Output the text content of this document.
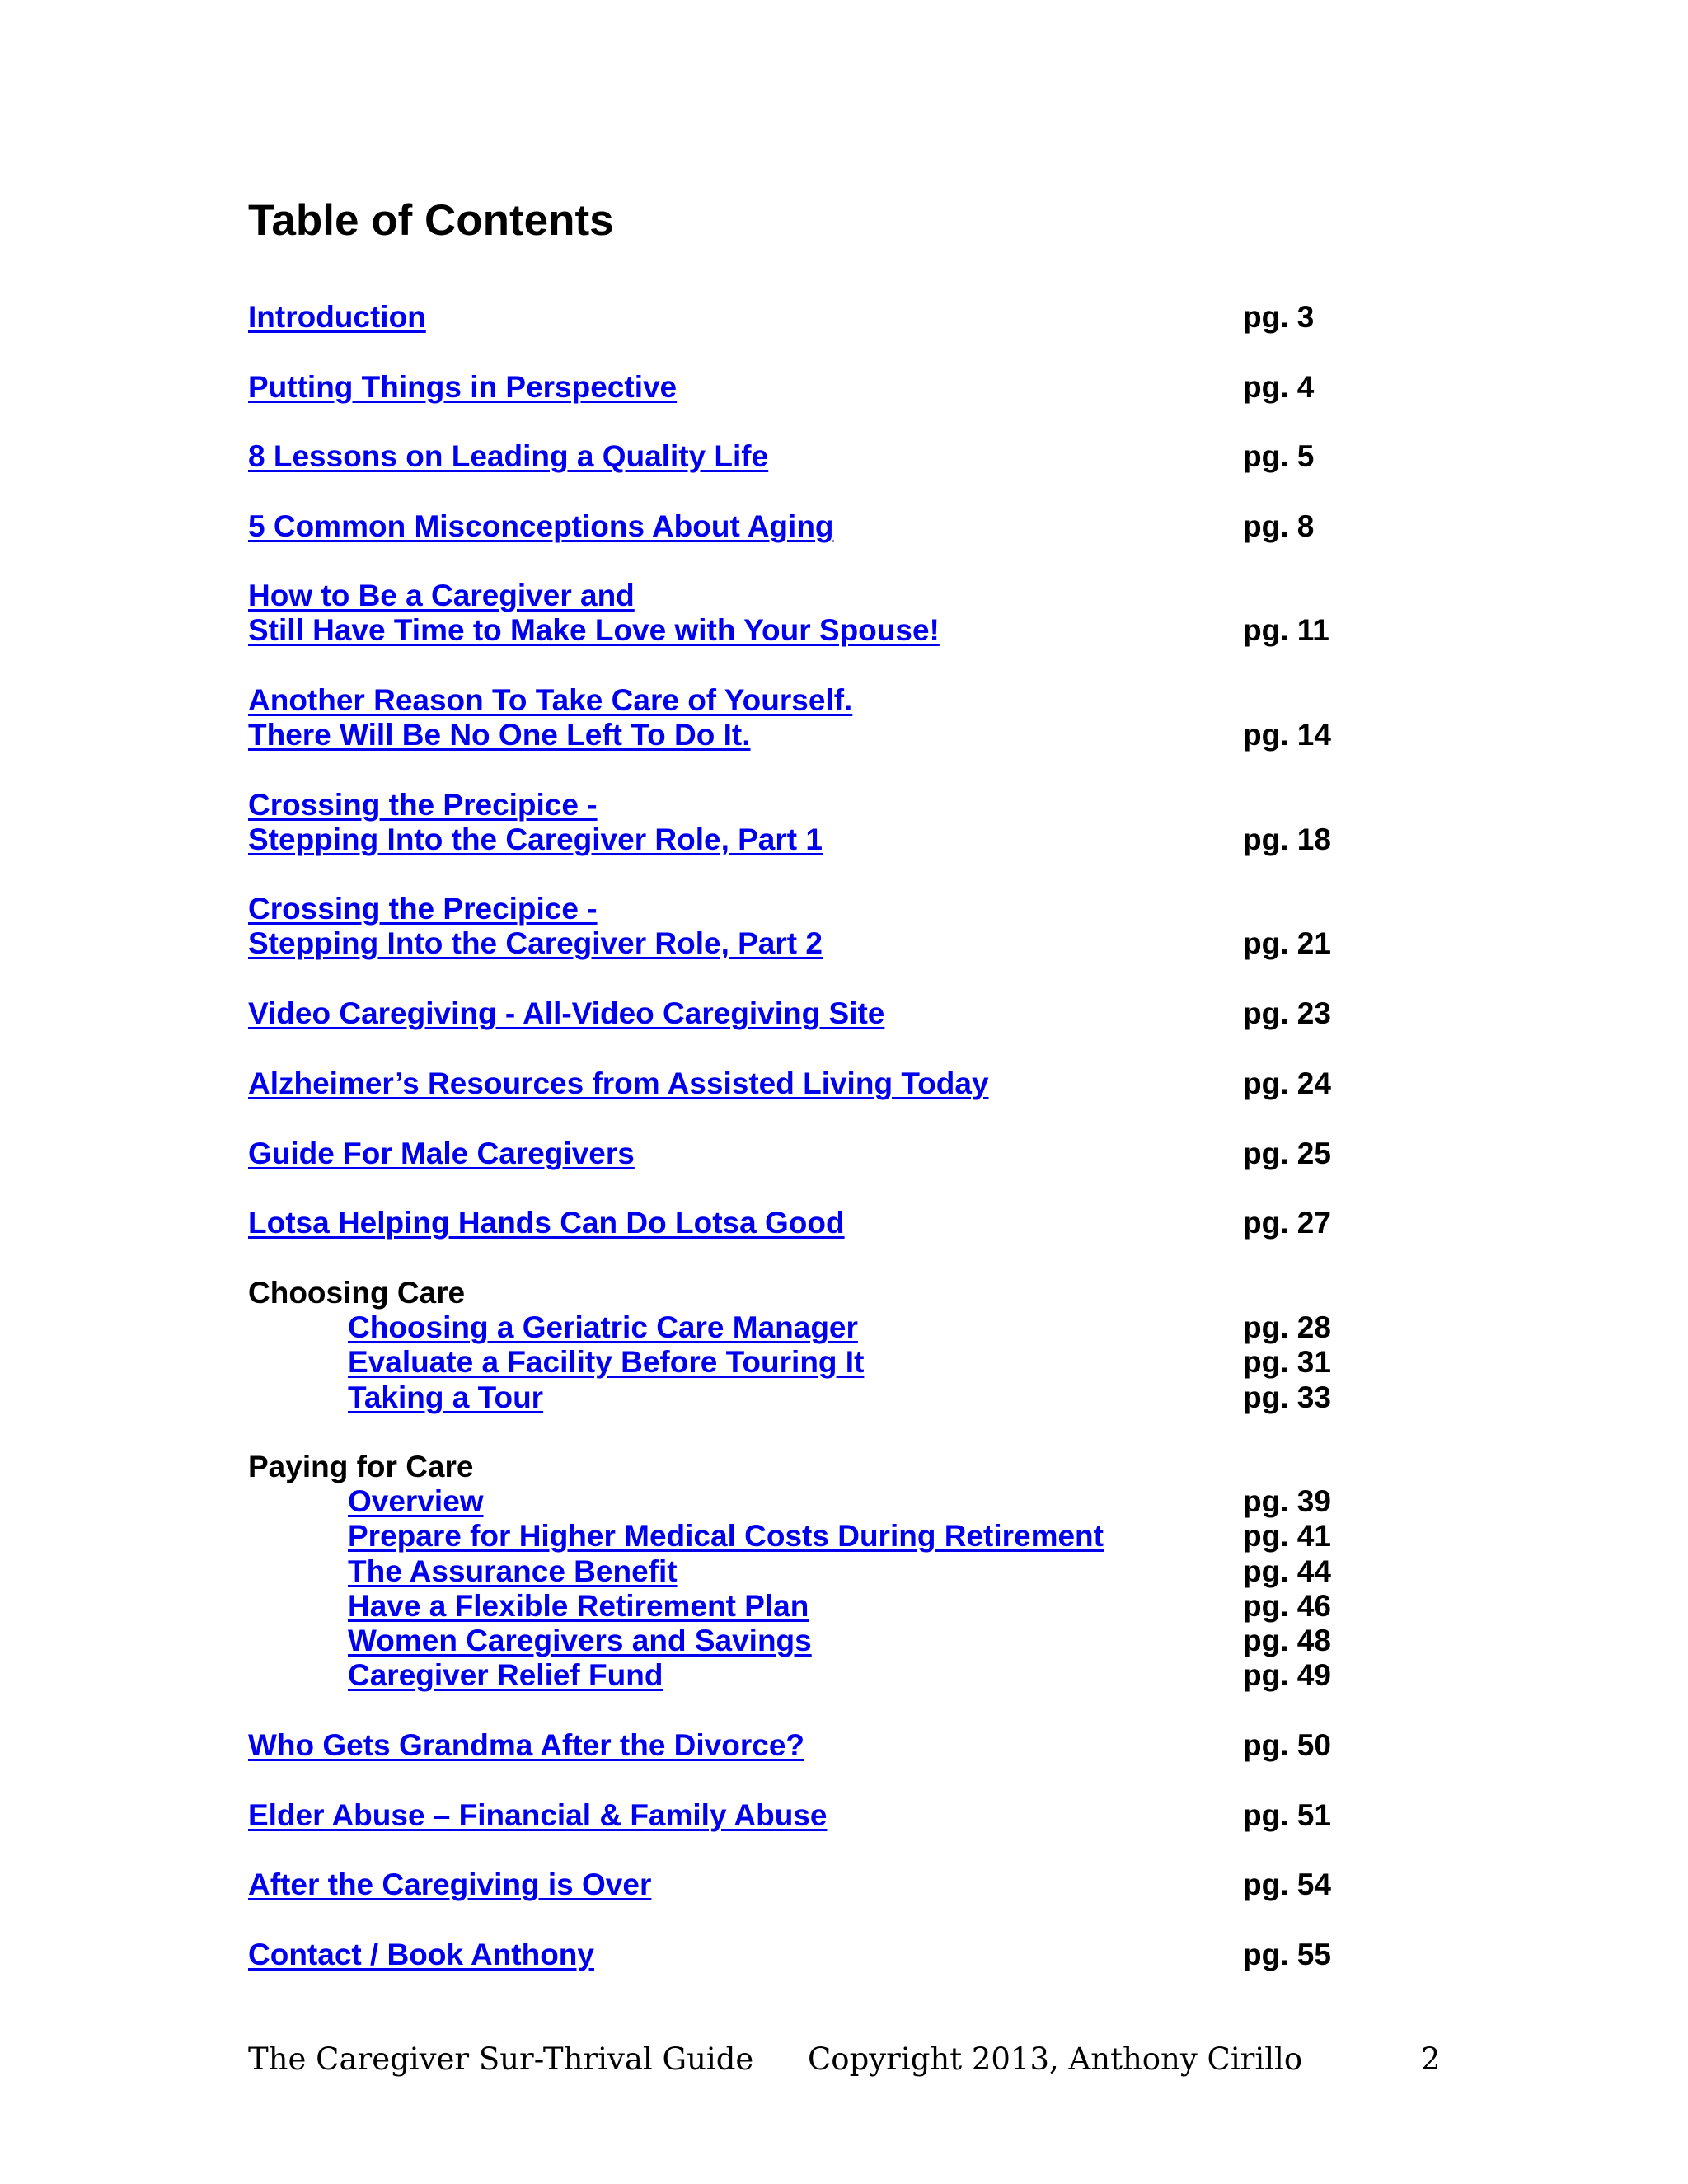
Table of Contents
Introduction	pg. 3
Putting Things in Perspective	pg. 4
8 Lessons on Leading a Quality Life	pg. 5
5 Common Misconceptions About Aging	pg. 8
How to Be a Caregiver and
Still Have Time to Make Love with Your Spouse!	pg. 11
Another Reason To Take Care of Yourself.
There Will Be No One Left To Do It.	pg. 14
Crossing the Precipice -
Stepping Into the Caregiver Role, Part 1	pg. 18
Crossing the Precipice -
Stepping Into the Caregiver Role, Part 2	pg. 21
Video Caregiving - All-Video Caregiving Site	pg. 23
Alzheimer’s Resources from Assisted Living Today	pg. 24
Guide For Male Caregivers	pg. 25
Lotsa Helping Hands Can Do Lotsa Good	pg. 27
Choosing Care
Choosing a Geriatric Care Manager	pg. 28
Evaluate a Facility Before Touring It	pg. 31
Taking a Tour	pg. 33
Paying for Care
Overview	pg. 39
Prepare for Higher Medical Costs During Retirement	pg. 41
The Assurance Benefit	pg. 44
Have a Flexible Retirement Plan	pg. 46
Women Caregivers and Savings	pg. 48
Caregiver Relief Fund	pg. 49
Who Gets Grandma After the Divorce?	pg. 50
Elder Abuse – Financial & Family Abuse	pg. 51
After the Caregiving is Over	pg. 54
Contact / Book Anthony	pg. 55
The Caregiver Sur-Thrival Guide Copyright 2013, Anthony Cirillo	2
